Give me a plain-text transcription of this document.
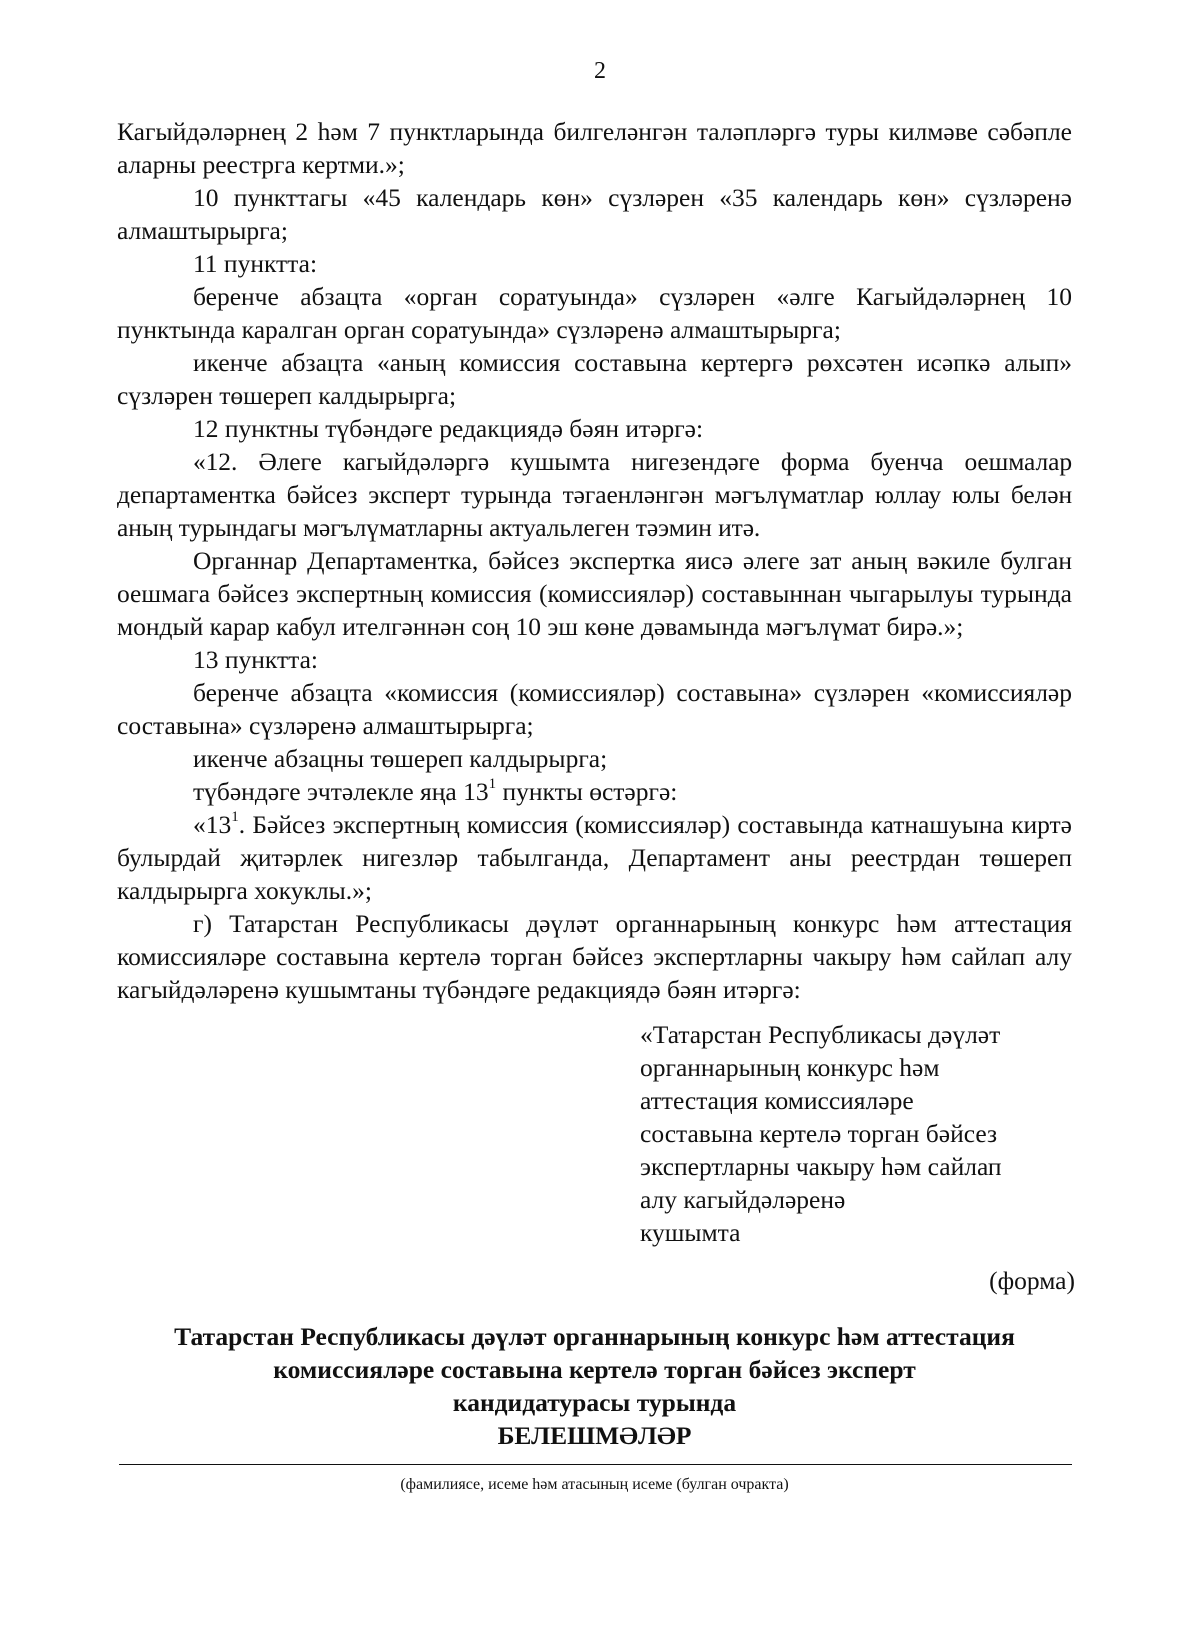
2

Кагыйдәләрнең 2 һәм 7 пунктларында билгеләнгән таләпләргә туры килмәве сәбәпле аларны реестрга кертми.»;

10 пункттагы «45 календарь көн» сүзләрен «35 календарь көн» сүзләренә алмаштырырга;

11 пунктта:

беренче абзацта «орган соратуында» сүзләрен «әлге Кагыйдәләрнең 10 пунктында каралган орган соратуында» сүзләренә алмаштырырга;

икенче абзацта «аның комиссия составына кертергә рөхсәтен исәпкә алып» сүзләрен төшереп калдырырга;

12 пунктны түбәндәге редакциядә бәян итәргә:

«12. Әлеге кагыйдәләргә кушымта нигезендәге форма буенча оешмалар департаментка бәйсез эксперт турында тәгаенләнгән мәгълүматлар юллау юлы белән аның турындагы мәгълүматларны актуальлеген тәэмин итә.

Органнар Департаментка, бәйсез экспертка яисә әлеге зат аның вәкиле булган оешмага бәйсез экспертның комиссия (комиссияләр) составыннан чыгарылуы турында мондый карар кабул ителгәннән соң 10 эш көне дәвамында мәгълүмат бирә.»;

13 пунктта:

беренче абзацта «комиссия (комиссияләр) составына» сүзләрен «комиссияләр составына» сүзләренә алмаштырырга;

икенче абзацны төшереп калдырырга;

түбәндәге эчтәлекле яңа $13^1$ пункты өстәргә:

«$13^1$. Бәйсез экспертның комиссия (комиссияләр) составында катнашуына киртә булырдай җитәрлек нигезләр табылганда, Департамент аны реестрдан төшереп калдырырга хокуклы.»;

г) Татарстан Республикасы дәүләт органнарының конкурс һәм аттестация комиссияләре составына кертелә торган бәйсез экспертларны чакыру һәм сайлап алу кагыйдәләренә кушымтаны түбәндәге редакциядә бәян итәргә:

«Татарстан Республикасы дәүләт
органнарының конкурс һәм
аттестация комиссияләре
составына кертелә торган бәйсез
экспертларны чакыру һәм сайлап
алу кагыйдәләренә
кушымта
(форма)
Татарстан Республикасы дәүләт органнарының конкурс һәм аттестация
комиссияләре составына кертелә торган бәйсез эксперт
кандидатурасы турында
БЕЛЕШМӘЛӘР
(фамилиясе, исеме һәм атасының исеме (булган очракта)
